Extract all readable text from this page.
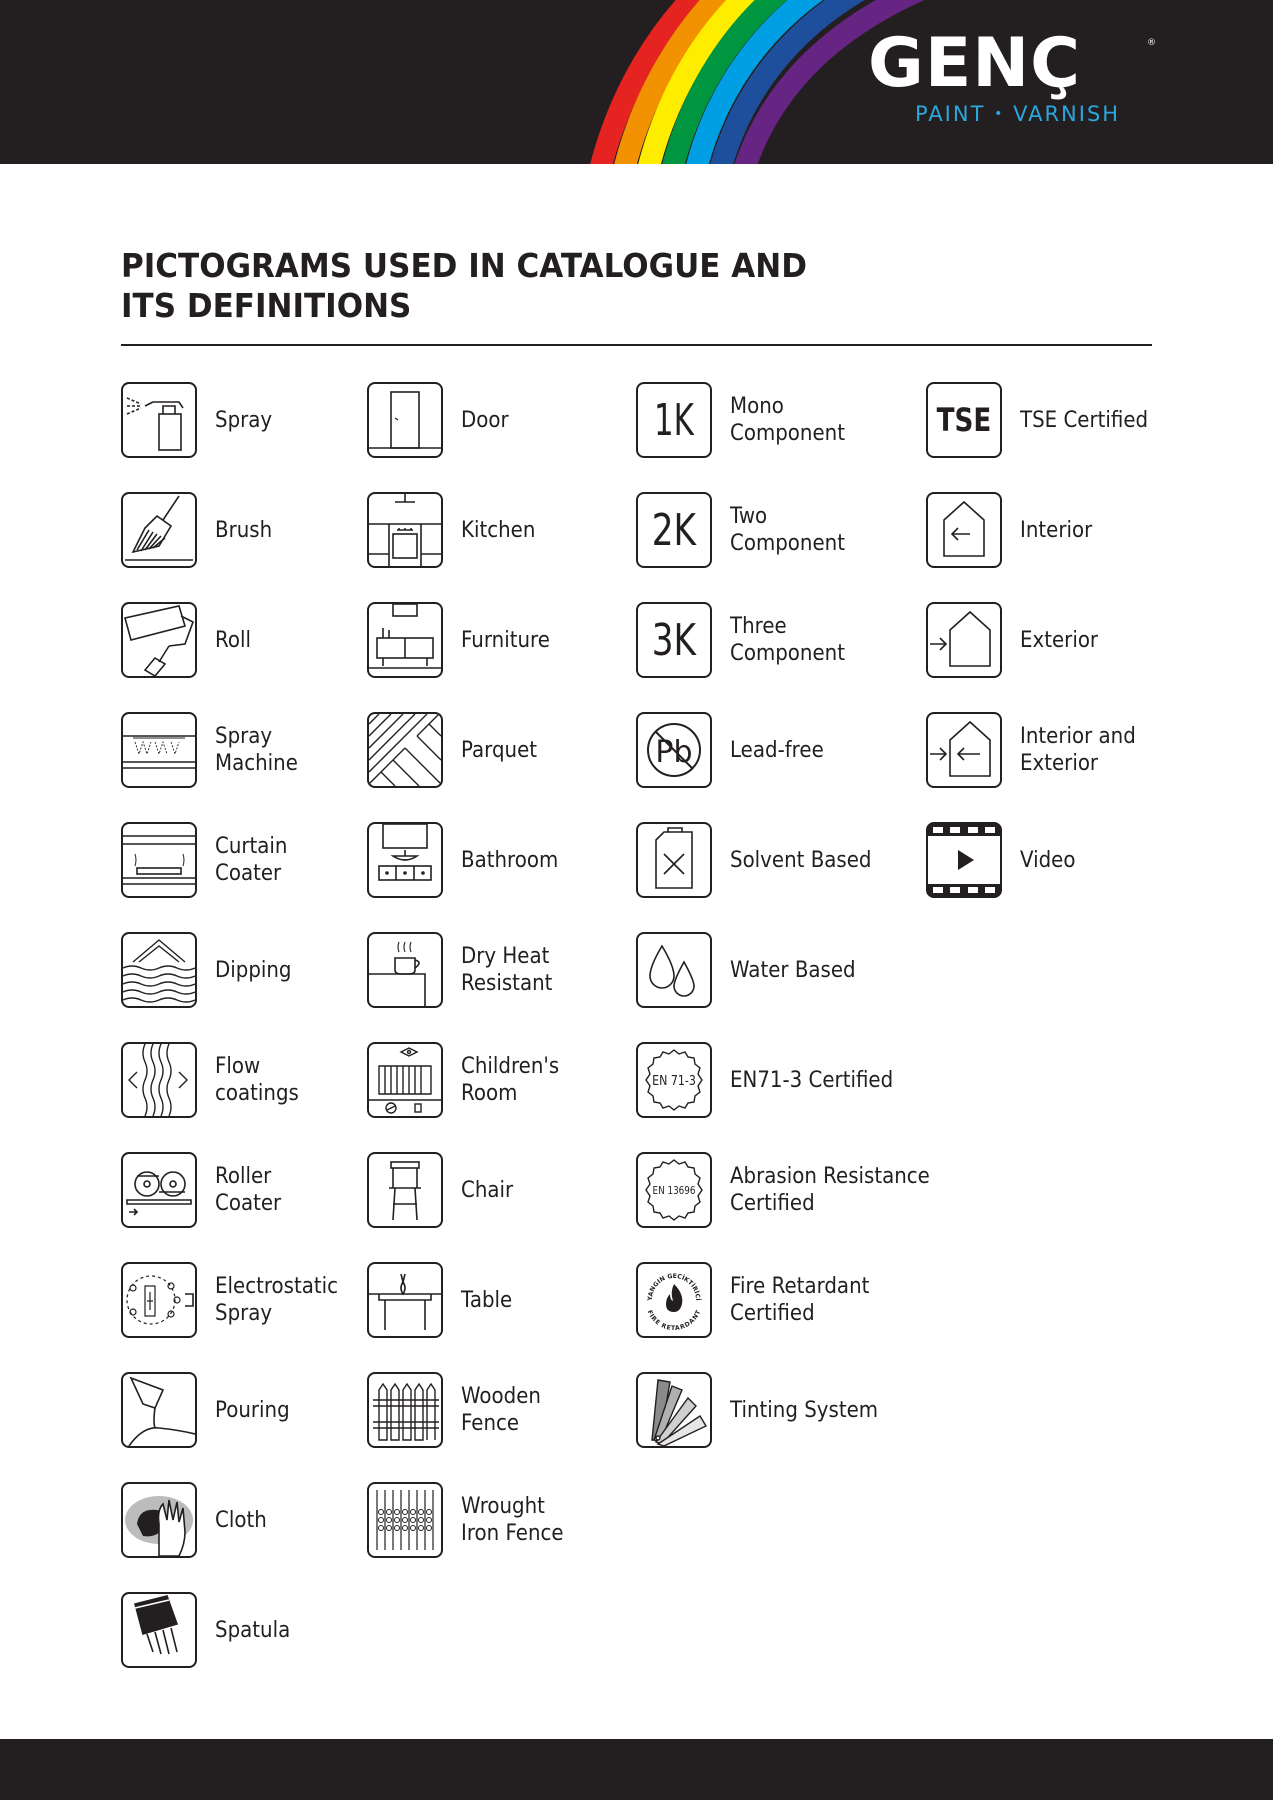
GENÇ	®
PAINT • VARNISH
PICTOGRAMS USED IN CATALOGUE AND
ITS DEFINITIONS
Spray
Brush
Roll
Spray
Machine
Curtain
Coater
Dipping
Flow
coatings
Roller
Coater
Electrostatic
Spray
Pouring
Cloth
Spatula
Door
Kitchen
Furniture
Parquet
Bathroom
Dry Heat
Resistant
Children's
Room
Chair
Table
Wooden
Fence
Wrought
Iron Fence
1K Mono
Component
2K Two
Component
3K Three
Component
Pb Lead-free
Solvent Based
Water Based
EN 71-3 EN71-3 Certified
EN 13696
Abrasion Resistance
Certified
YANGIN GECİKTİRİCİ
FIRE RETARDANT
Fire Retardant
Certified
Tinting System
TSE TSE Certified
Interior
Exterior
Interior and
Exterior
Video
